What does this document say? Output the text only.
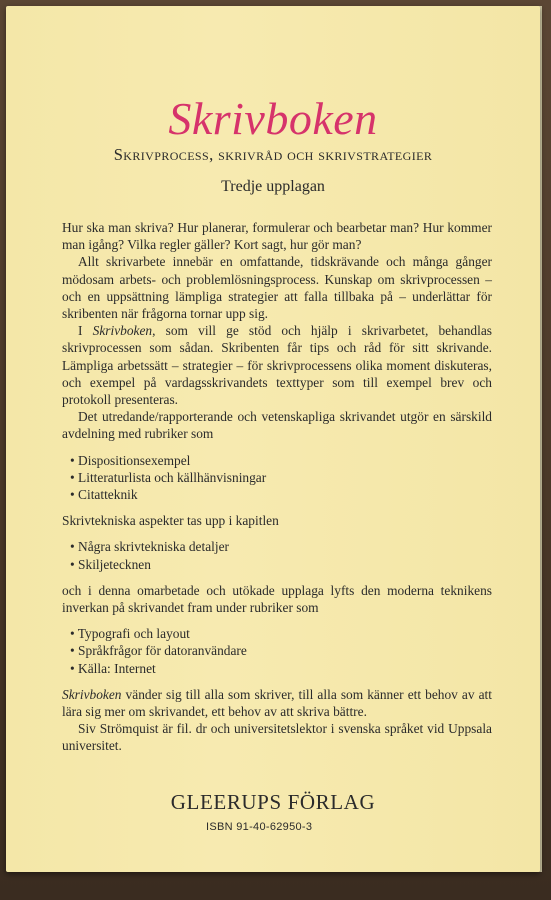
Skrivboken
Skrivprocess, skrivråd och skrivstrategier
Tredje upplagan

Hur ska man skriva? Hur planerar, formulerar och bearbetar man? Hur kommer man igång? Vilka regler gäller? Kort sagt, hur gör man?

Allt skrivarbete innebär en omfattande, tidskrävande och många gånger mödosam arbets- och problemlösningsprocess. Kunskap om skrivprocessen – och en uppsättning lämpliga strategier att falla tillbaka på – underlättar för skribenten när frågorna tornar upp sig.

I Skrivboken, som vill ge stöd och hjälp i skrivarbetet, behandlas skrivprocessen som sådan. Skribenten får tips och råd för sitt skrivande. Lämpliga arbetssätt – strategier – för skrivprocessens olika moment diskuteras, och exempel på vardagsskrivandets texttyper som till exempel brev och protokoll presenteras.

Det utredande/rapporterande och vetenskapliga skrivandet utgör en särskild avdelning med rubriker som

• Dispositionsexempel
• Litteraturlista och källhänvisningar
• Citatteknik

Skrivtekniska aspekter tas upp i kapitlen

• Några skrivtekniska detaljer
• Skiljetecknen

och i denna omarbetade och utökade upplaga lyfts den moderna teknikens inverkan på skrivandet fram under rubriker som

• Typografi och layout
• Språkfrågor för datoranvändare
• Källa: Internet

Skrivboken vänder sig till alla som skriver, till alla som känner ett behov av att lära sig mer om skrivandet, ett behov av att skriva bättre.

Siv Strömquist är fil. dr och universitetslektor i svenska språket vid Uppsala universitet.

GLEERUPS FÖRLAG
ISBN 91-40-62950-3
